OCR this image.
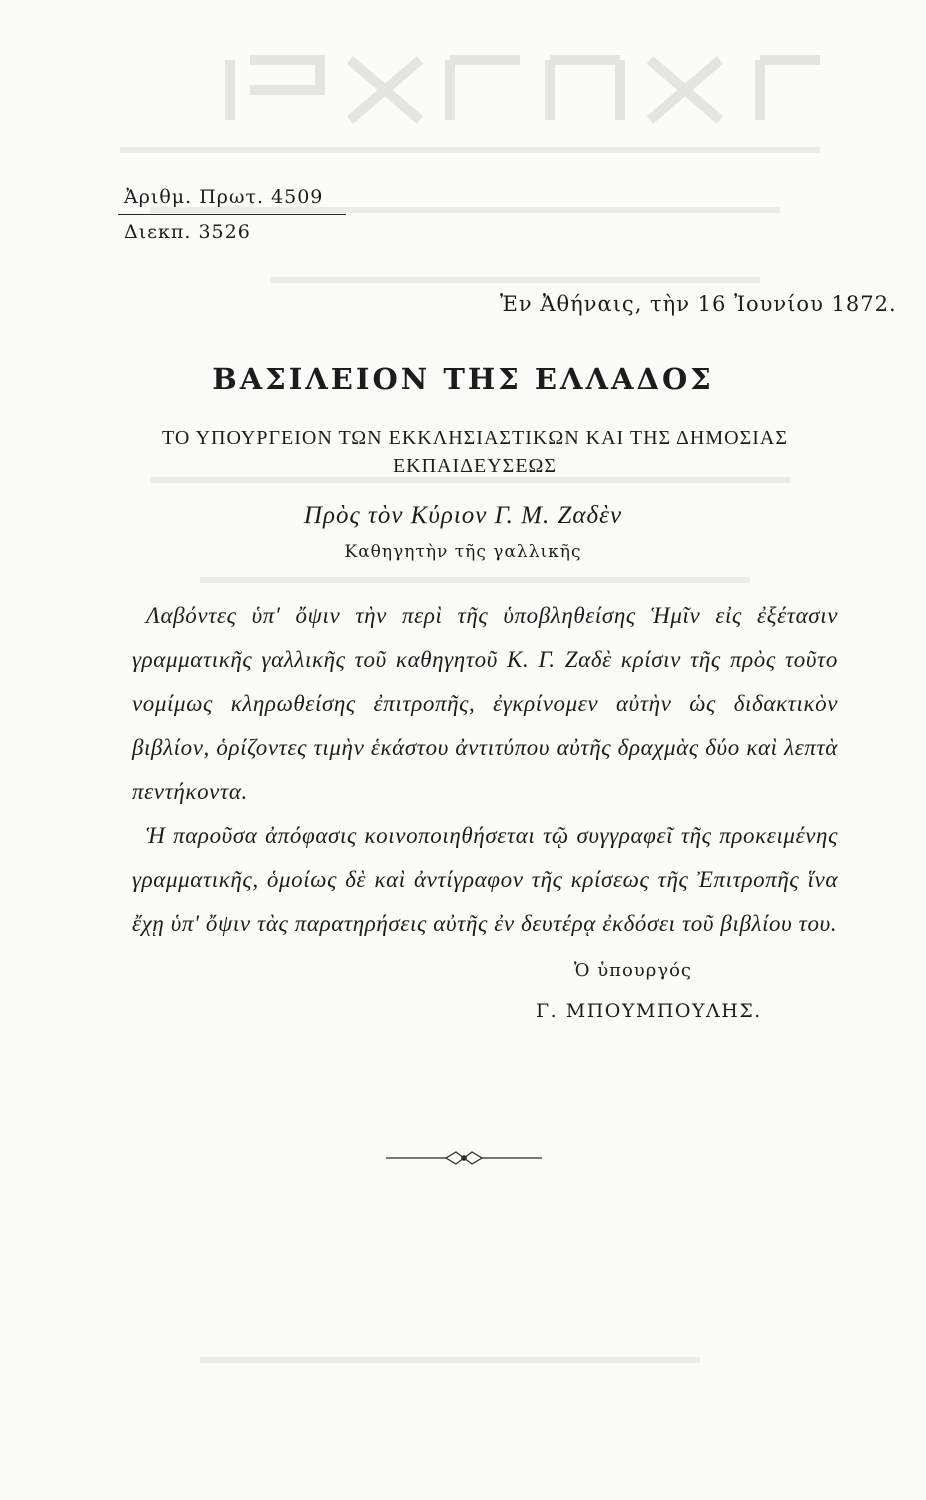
Ἀριθμ. Πρωτ. 4509
Διεκπ. 3526
Ἐν Ἀθήναις, τὴν 16 Ἰουνίου 1872.
ΒΑΣΙΛΕΙΟΝ ΤΗΣ ΕΛΛΑΔΟΣ
ΤΟ ΥΠΟΥΡΓΕΙΟΝ ΤΩΝ ΕΚΚΛΗΣΙΑΣΤΙΚΩΝ ΚΑΙ ΤΗΣ ΔΗΜΟΣΙΑΣ ΕΚΠΑΙΔΕΥΣΕΩΣ
Πρὸς τὸν Κύριον Γ. Μ. Ζαδὲν
Καθηγητὴν τῆς γαλλικῆς

Λαβόντες ὑπ' ὄψιν τὴν περὶ τῆς ὑποβληθείσης Ἡμῖν εἰς ἐξέτασιν γραμματικῆς γαλλικῆς τοῦ καθηγητοῦ Κ. Γ. Ζαδὲ κρίσιν τῆς πρὸς τοῦτο νομίμως κληρωθείσης ἐπιτροπῆς, ἐγκρίνομεν αὐτὴν ὡς διδακτικὸν βιβλίον, ὁρίζοντες τιμὴν ἑκάστου ἀντιτύπου αὐτῆς δραχμὰς δύο καὶ λεπτὰ πεντήκοντα.

Ἡ παροῦσα ἀπόφασις κοινοποιηθήσεται τῷ συγγραφεῖ τῆς προκειμένης γραμματικῆς, ὁμοίως δὲ καὶ ἀντίγραφον τῆς κρίσεως τῆς Ἐπιτροπῆς ἵνα ἔχῃ ὑπ' ὄψιν τὰς παρατηρήσεις αὐτῆς ἐν δευτέρᾳ ἐκδόσει τοῦ βιβλίου του.

Ὁ ὑπουργός
Γ. ΜΠΟΥΜΠΟΥΛΗΣ.
